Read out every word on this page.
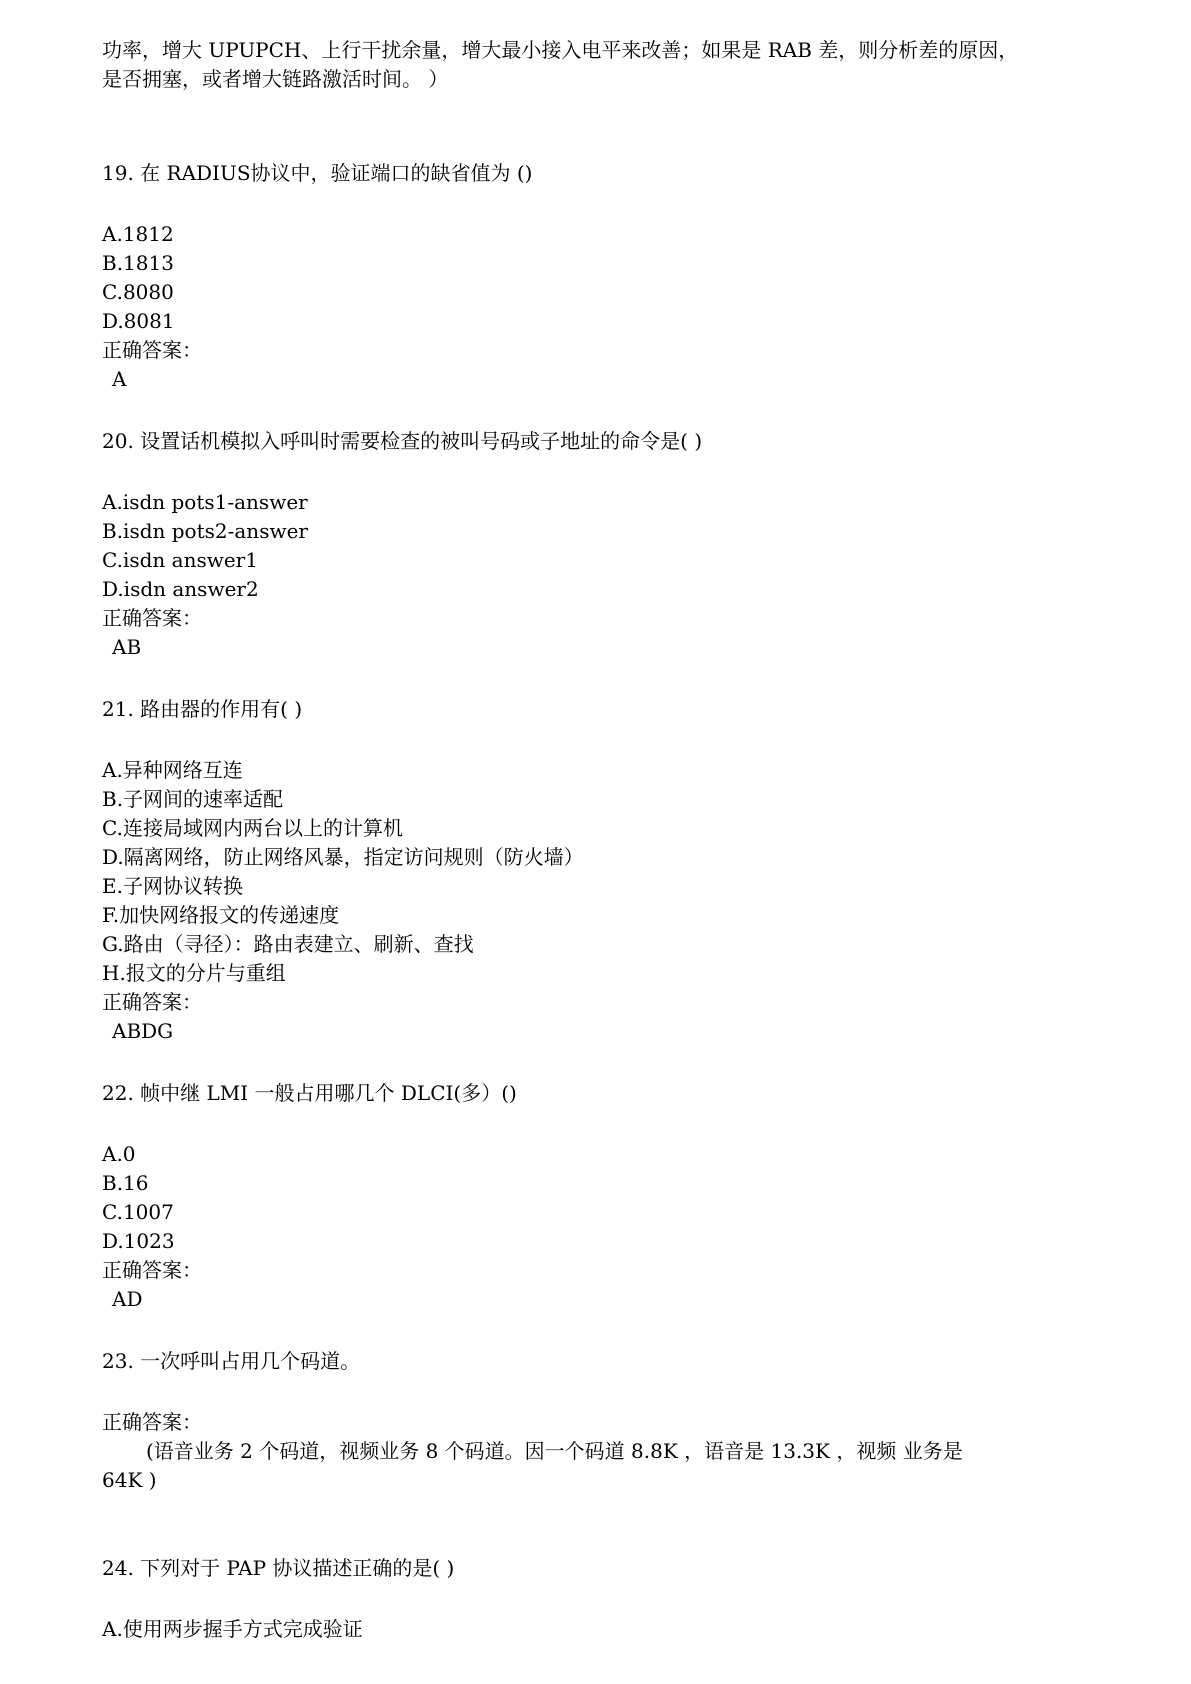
功率，增大 UPUPCH、上行干扰余量，增大最小接入电平来改善；如果是 RAB 差，则分析差的原因，
是否拥塞，或者增大链路激活时间。 ）
19. 在 RADIUS协议中，验证端口的缺省值为 ()
A.1812
B.1813
C.8080
D.8081
正确答案：
A
20. 设置话机模拟入呼叫时需要检查的被叫号码或子地址的命令是( )
A.isdn pots1-answer
B.isdn pots2-answer
C.isdn answer1
D.isdn answer2
正确答案：
AB
21. 路由器的作用有( )
A.异种网络互连
B.子网间的速率适配
C.连接局域网内两台以上的计算机
D.隔离网络，防止网络风暴，指定访问规则（防火墙）
E.子网协议转换
F.加快网络报文的传递速度
G.路由（寻径）：路由表建立、刷新、查找
H.报文的分片与重组
正确答案：
ABDG
22. 帧中继 LMI 一般占用哪几个 DLCI(多）()
A.0
B.16
C.1007
D.1023
正确答案：
AD
23. 一次呼叫占用几个码道。
正确答案：
(语音业务 2 个码道，视频业务 8 个码道。因一个码道 8.8K ，语音是 13.3K ，视频 业务是
64K )
24. 下列对于 PAP 协议描述正确的是( )
A.使用两步握手方式完成验证
